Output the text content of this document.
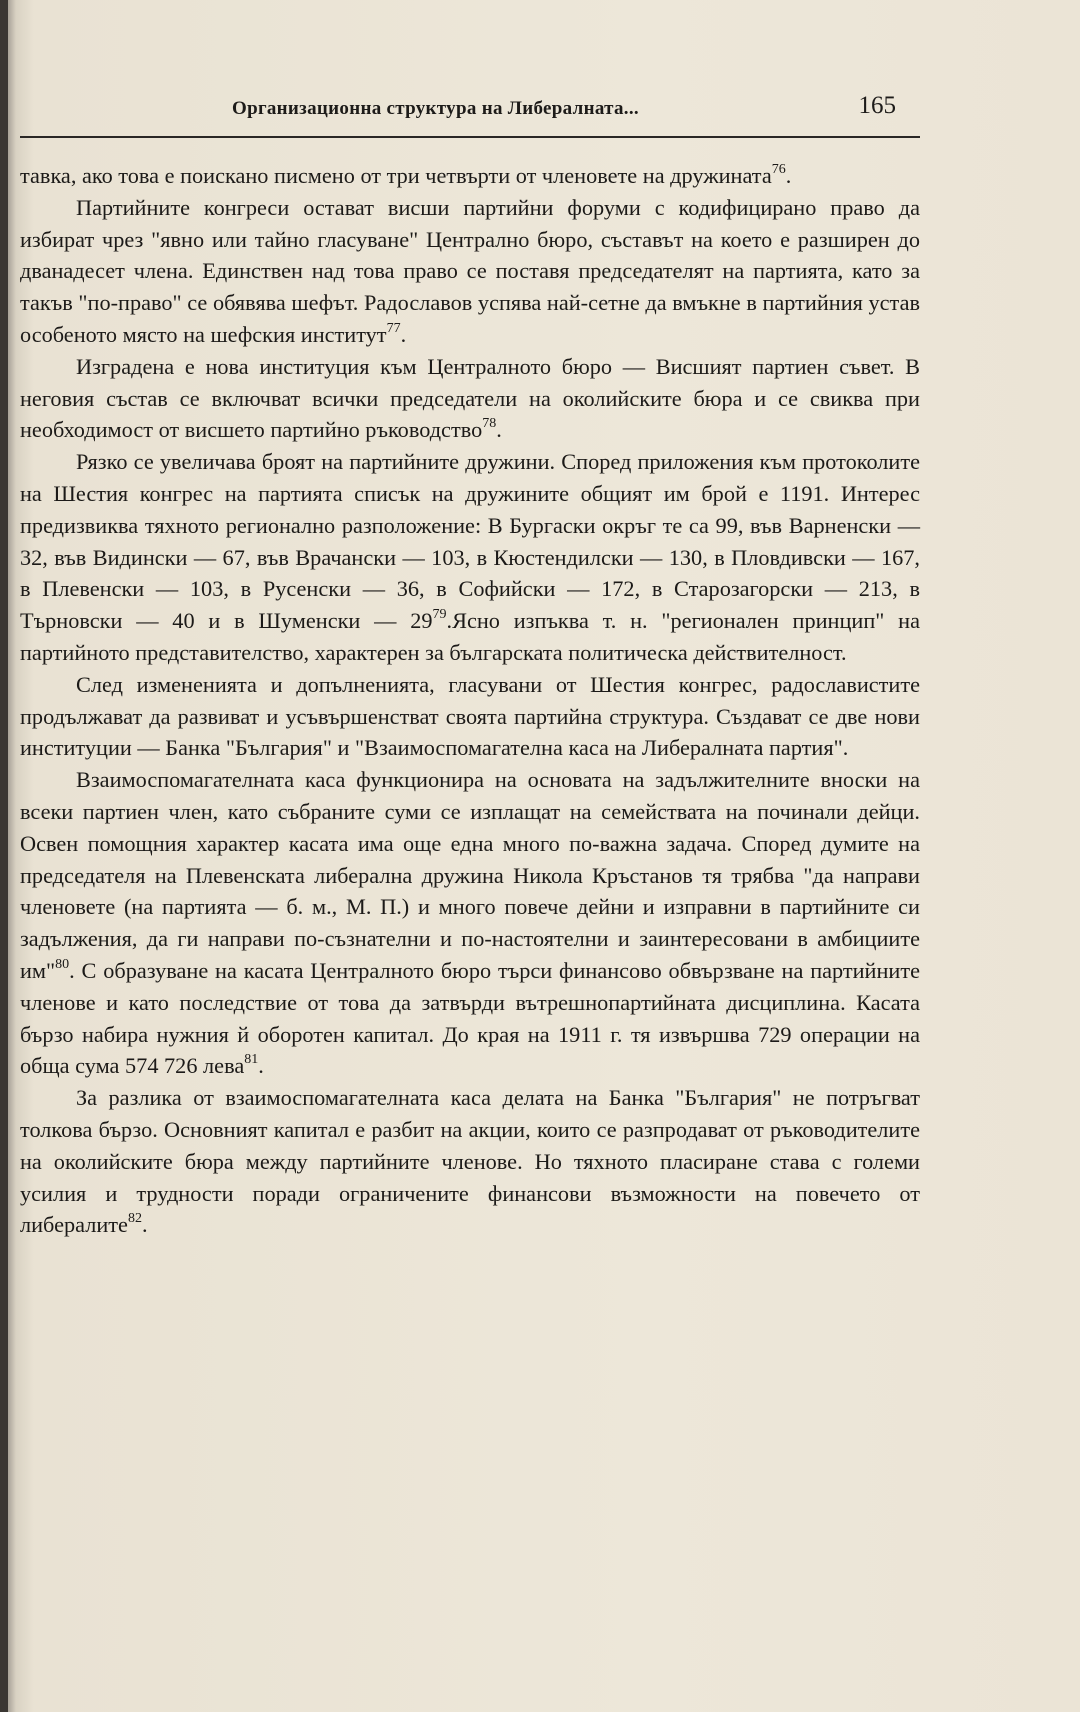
Организационна структура на Либералната...	165

тавка, ако това е поискано писмено от три четвърти от членовете на дружината$^{76}$.

Партийните конгреси остават висши партийни форуми с кодифицирано право да избират чрез "явно или тайно гласуване" Централно бюро, съставът на което е разширен до дванадесет члена. Единствен над това право се поставя председателят на партията, като за такъв "по-право" се обявява шефът. Радославов успява най-сетне да вмъкне в партийния устав особеното място на шефския институт$^{77}$.

Изградена е нова институция към Централното бюро — Висшият партиен съвет. В неговия състав се включват всички председатели на околийските бюра и се свиква при необходимост от висшето партийно ръководство$^{78}$.

Рязко се увеличава броят на партийните дружини. Според приложения към протоколите на Шестия конгрес на партията списък на дружините общият им брой е 1191. Интерес предизвиква тяхното регионално разположение: В Бургаски окръг те са 99, във Варненски — 32, във Видински — 67, във Врачански — 103, в Кюстендилски — 130, в Пловдивски — 167, в Плевенски — 103, в Русенски — 36, в Софийски — 172, в Старозагорски — 213, в Търновски — 40 и в Шуменски — $29^{79}.Ясно$ изпъква т. н. "регионален принцип" на партийното представителство, характерен за българската политическа действителност.

След измененията и допълненията, гласувани от Шестия конгрес, радославистите продължават да развиват и усъвършенстват своята партийна структура. Създават се две нови институции — Банка "България" и "Взаимоспомагателна каса на Либералната партия".

Взаимоспомагателната каса функционира на основата на задължителните вноски на всеки партиен член, като събраните суми се изплащат на семействата на починали дейци. Освен помощния характер касата има още една много по-важна задача. Според думите на председателя на Плевенската либерална дружина Никола Кръстанов тя трябва "да направи членовете (на партията — б. м., М. П.) и много повече дейни и изправни в партийните си задължения, да ги направи по-съзнателни и по-настоятелни и заинтересовани в амбициите им"$^{80}$. С образуване на касата Централното бюро търси финансово обвързване на партийните членове и като последствие от това да затвърди вътрешнопартийната дисциплина. Касата бързо набира нужния й оборотен капитал. До края на 1911 г. тя извършва 729 операции на обща сума 574 726 лева$^{81}$.

За разлика от взаимоспомагателната каса делата на Банка "България" не потръгват толкова бързо. Основният капитал е разбит на акции, които се разпродават от ръководителите на околийските бюра между партийните членове. Но тяхното пласиране става с големи усилия и трудности поради ограничените финансови възможности на повечето от либералите$^{82}$.
